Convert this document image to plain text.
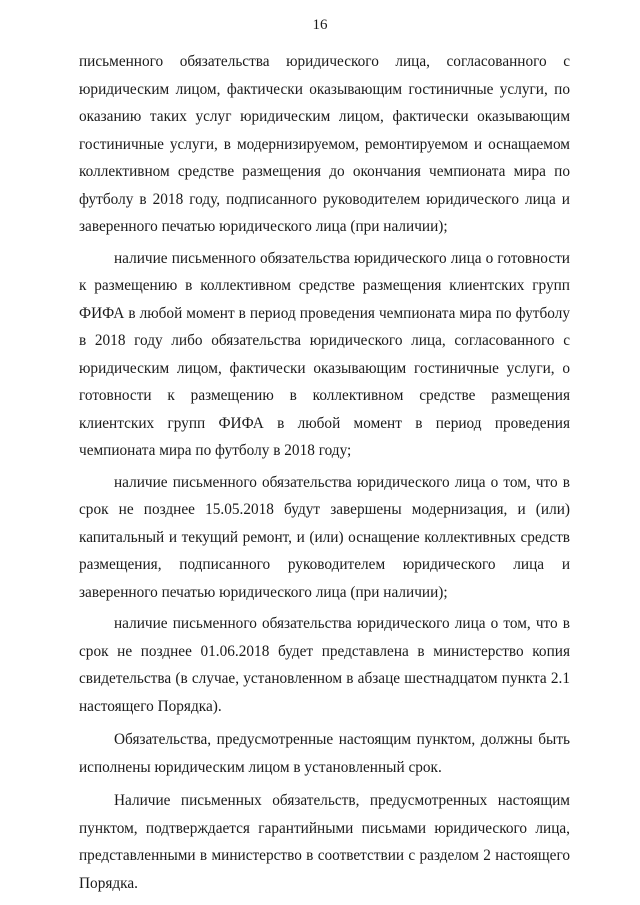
16

письменного обязательства юридического лица, согласованного с юридическим лицом, фактически оказывающим гостиничные услуги, по оказанию таких услуг юридическим лицом, фактически оказывающим гостиничные услуги, в модернизируемом, ремонтируемом и оснащаемом коллективном средстве размещения до окончания чемпионата мира по футболу в 2018 году, подписанного руководителем юридического лица и заверенного печатью юридического лица (при наличии);

наличие письменного обязательства юридического лица о готовности к размещению в коллективном средстве размещения клиентских групп ФИФА в любой момент в период проведения чемпионата мира по футболу в 2018 году либо обязательства юридического лица, согласованного с юридическим лицом, фактически оказывающим гостиничные услуги, о готовности к размещению в коллективном средстве размещения клиентских групп ФИФА в любой момент в период проведения чемпионата мира по футболу в 2018 году;

наличие письменного обязательства юридического лица о том, что в срок не позднее 15.05.2018 будут завершены модернизация, и (или) капитальный и текущий ремонт, и (или) оснащение коллективных средств размещения, подписанного руководителем юридического лица и заверенного печатью юридического лица (при наличии);

наличие письменного обязательства юридического лица о том, что в срок не позднее 01.06.2018 будет представлена в министерство копия свидетельства (в случае, установленном в абзаце шестнадцатом пункта 2.1 настоящего Порядка).

Обязательства, предусмотренные настоящим пунктом, должны быть исполнены юридическим лицом в установленный срок.

Наличие письменных обязательств, предусмотренных настоящим пунктом, подтверждается гарантийными письмами юридического лица, представленными в министерство в соответствии с разделом 2 настоящего Порядка.
